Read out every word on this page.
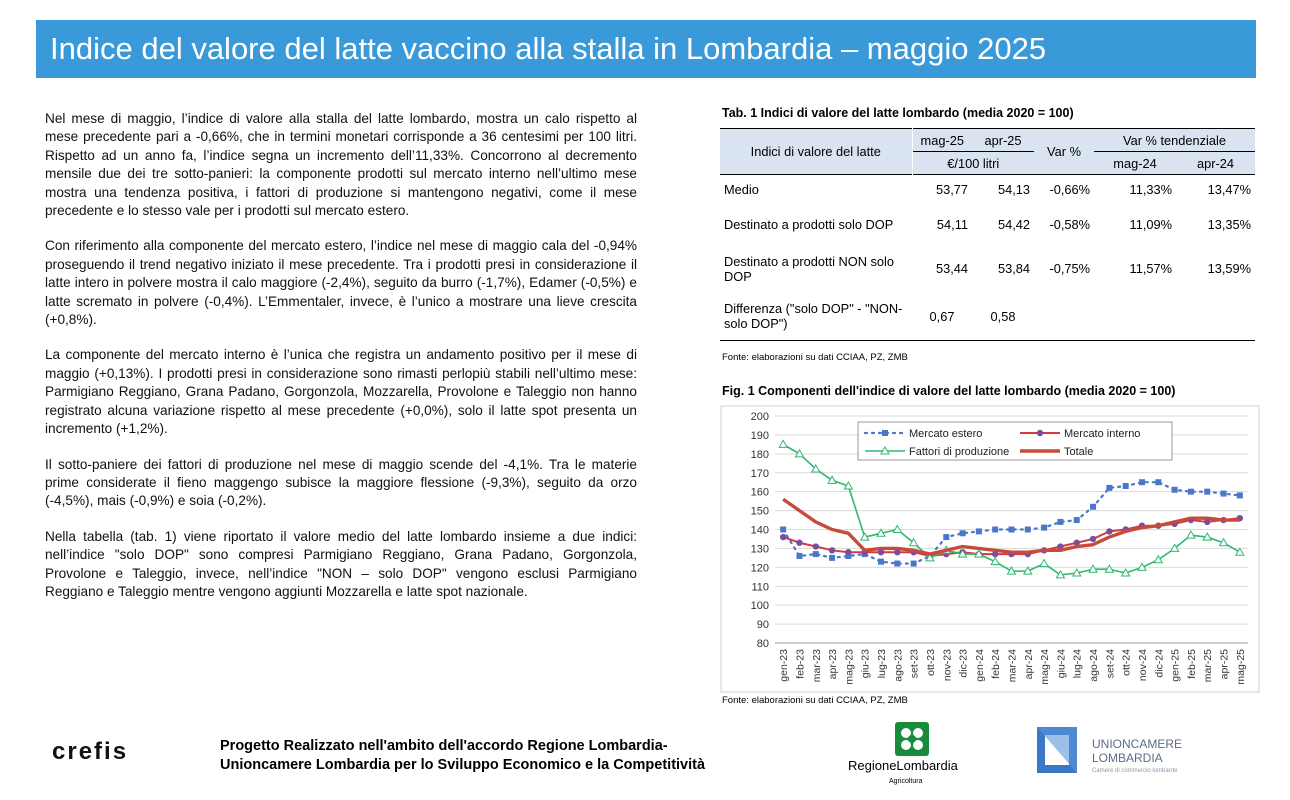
Indice del valore del latte vaccino alla stalla in Lombardia – maggio 2025

Nel mese di maggio, l’indice di valore alla stalla del latte lombardo, mostra un calo rispetto al mese precedente pari a -0,66%, che in termini monetari corrisponde a 36 centesimi per 100 litri. Rispetto ad un anno fa, l’indice segna un incremento dell’11,33%. Concorrono al decremento mensile due dei tre sotto-panieri: la componente prodotti sul mercato interno nell’ultimo mese mostra una tendenza positiva, i fattori di produzione si mantengono negativi, come il mese precedente e lo stesso vale per i prodotti sul mercato estero.

Con riferimento alla componente del mercato estero, l’indice nel mese di maggio cala del -0,94% proseguendo il trend negativo iniziato il mese precedente. Tra i prodotti presi in considerazione il latte intero in polvere mostra il calo maggiore (-2,4%), seguito da burro (-1,7%), Edamer (-0,5%) e latte scremato in polvere (-0,4%). L’Emmentaler, invece, è l’unico a mostrare una lieve crescita (+0,8%).

La componente del mercato interno è l’unica che registra un andamento positivo per il mese di maggio (+0,13%). I prodotti presi in considerazione sono rimasti perlopiù stabili nell’ultimo mese: Parmigiano Reggiano, Grana Padano, Gorgonzola, Mozzarella, Provolone e Taleggio non hanno registrato alcuna variazione rispetto al mese precedente (+0,0%), solo il latte spot presenta un incremento (+1,2%).

Il sotto-paniere dei fattori di produzione nel mese di maggio scende del -4,1%. Tra le materie prime considerate il fieno maggengo subisce la maggiore flessione (-9,3%), seguito da orzo (-4,5%), mais (-0,9%) e soia (-0,2%).

Nella tabella (tab. 1) viene riportato il valore medio del latte lombardo insieme a due indici: nell’indice "solo DOP" sono compresi Parmigiano Reggiano, Grana Padano, Gorgonzola, Provolone e Taleggio, invece, nell’indice "NON – solo DOP" vengono esclusi Parmigiano Reggiano e Taleggio mentre vengono aggiunti Mozzarella e latte spot nazionale.

Tab. 1 Indici di valore del latte lombardo (media 2020 = 100)
Indici di valore del latte	mag-25	apr-25	Var %	Var % tendenziale	
	€/100 litri			mag-24	apr-24
Medio	53,77	54,13	-0,66%	11,33%	13,47%
Destinato a prodotti solo DOP	54,11	54,42	-0,58%	11,09%	13,35%
Destinato a prodotti NON solo DOP	53,44	53,84	-0,75%	11,57%	13,59%
Differenza ("solo DOP" - "NON-solo DOP")	0,67	0,58			
Fonte: elaborazioni su dati CCIAA, PZ, ZMB
Fig. 1 Componenti dell'indice di valore del latte lombardo (media 2020 = 100)
80
90
100
110
120
130
140
150
160
170
180
190
200
gen-23 feb-23 mar-23 apr-23 mag-23 giu-23 lug-23 ago-23 set-23 ott-23 nov-23 dic-23 gen-24 feb-24 mar-24 apr-24 mag-24 giu-24 lug-24 ago-24 set-24 ott-24 nov-24 dic-24 gen-25 feb-25 mar-25 apr-25 mag-25
Mercato estero	Mercato interno
Fattori di produzione	Totale
Fonte: elaborazioni su dati CCIAA, PZ, ZMB
crefis	Progetto Realizzato nell'ambito dell'accordo Regione Lombardia-
Unioncamere Lombardia per lo Sviluppo Economico e la Competitività	RegioneLombardia
Agricoltura
UNIONCAMERE
LOMBARDIA
Camere di commercio lombarde
